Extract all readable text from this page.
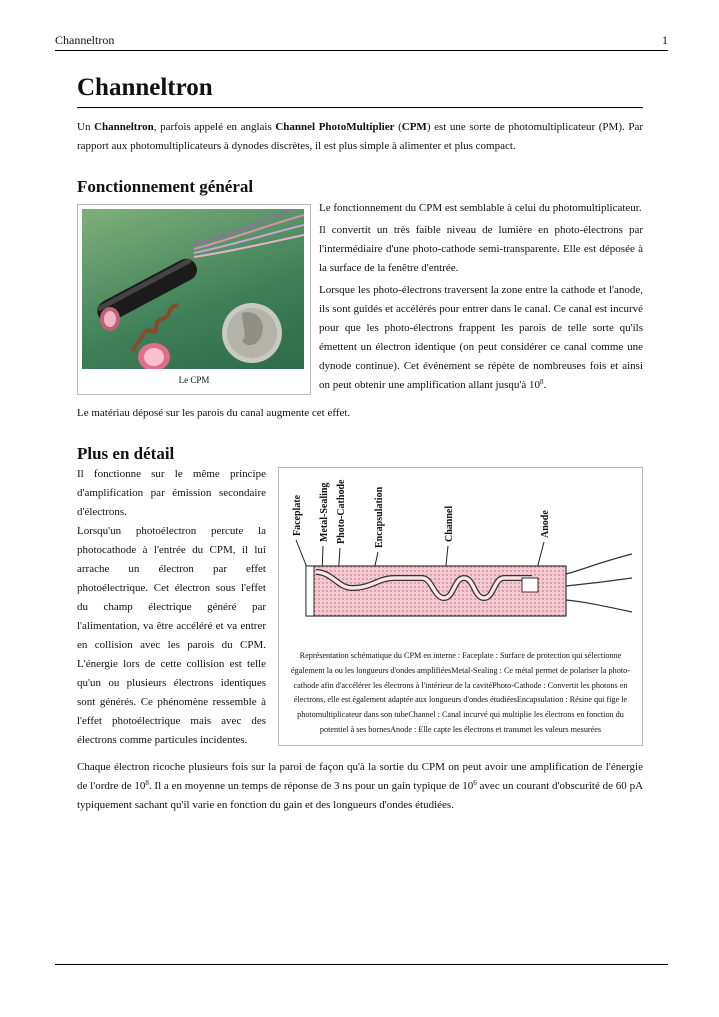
Channeltron	1
Channeltron

Un Channeltron, parfois appelé en anglais Channel PhotoMultiplier (CPM) est une sorte de photomultiplicateur (PM). Par rapport aux photomultiplicateurs à dynodes discrètes, il est plus simple à alimenter et plus compact.

Fonctionnement général
Le CPM

Le fonctionnement du CPM est semblable à celui du photomultiplicateur.

Il convertit un très faible niveau de lumière en photo-électrons par l'intermédiaire d'une photo-cathode semi-transparente. Elle est déposée à la surface de la fenêtre d'entrée.

Lorsque les photo-électrons traversent la zone entre la cathode et l'anode, ils sont guidés et accélérés pour entrer dans le canal. Ce canal est incurvé pour que les photo-électrons frappent les parois de telle sorte qu'ils émettent un électron identique (on peut considérer ce canal comme une dynode continue). Cet événement se répète de nombreuses fois et ainsi on peut obtenir une amplification allant jusqu'à $10^8$.

Le matériau déposé sur les parois du canal augmente cet effet.

Plus en détail
Faceplate Metal-Sealing Photo-Cathode	Encapsulation	Channel	Anode
Représentation schématique du CPM en interne : Faceplate : Surface de protection qui sélectionne également la ou les longueurs d'ondes amplifiéesMetal-Sealing : Ce métal permet de polariser la photo-cathode afin d'accélérer les électrons à l'intérieur de la cavitéPhoto-Cathode : Convertit les photons en électrons, elle est également adaptée aux longueurs d'ondes étudiéesEncapsulation : Résine qui fige le photomultiplicateur dans son tubeChannel : Canal incurvé qui multiplie les électrons en fonction du potentiel à ses bornesAnode : Elle capte les électrons et transmet les valeurs mesurées

Il fonctionne sur le même principe d'amplification par émission secondaire d'électrons.

Lorsqu'un photoélectron percute la photocathode à l'entrée du CPM, il lui arrache un électron par effet photoélectrique. Cet électron sous l'effet du champ électrique généré par l'alimentation, va être accéléré et va entrer en collision avec les parois du CPM. L'énergie lors de cette collision est telle qu'un ou plusieurs électrons identiques sont générés. Ce phénomène ressemble à l'effet photoélectrique mais avec des électrons comme particules incidentes.

Chaque électron ricoche plusieurs fois sur la paroi de façon qu'à la sortie du CPM on peut avoir une amplification de l'énergie de l'ordre de $10^8$. Il a en moyenne un temps de réponse de 3 ns pour un gain typique de $10^6$ avec un courant d'obscurité de 60 pA typiquement sachant qu'il varie en fonction du gain et des longueurs d'ondes étudiées.
